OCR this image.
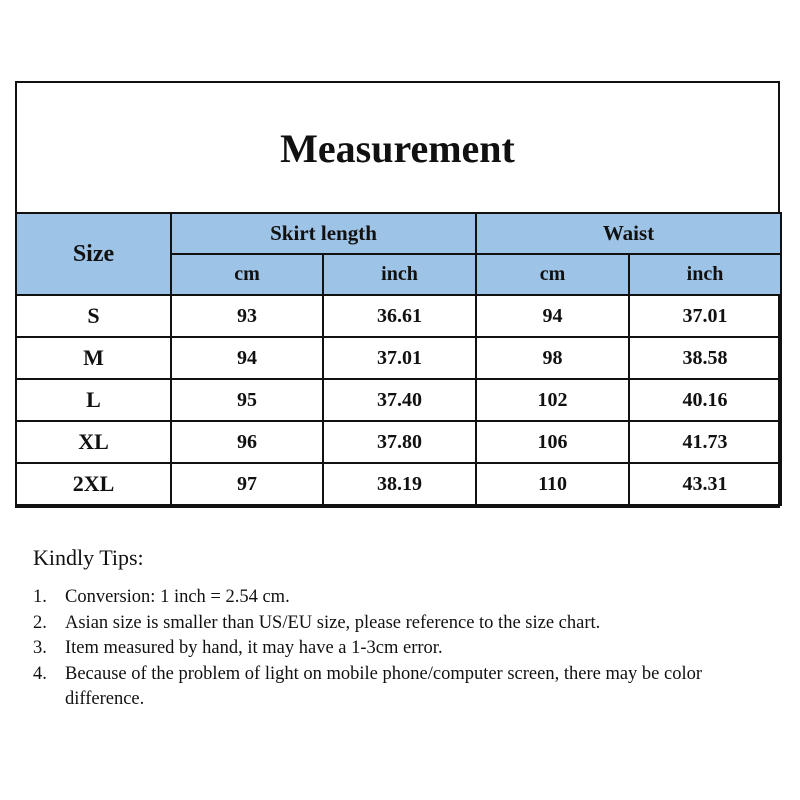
Measurement
Size	Skirt length		Waist	
	cm	inch	cm	inch
S	93	36.61	94	37.01
M	94	37.01	98	38.58
L	95	37.40	102	40.16
XL	96	37.80	106	41.73
2XL	97	38.19	110	43.31
Kindly Tips:
1. Conversion: 1 inch = 2.54 cm.
2. Asian size is smaller than US/EU size, please reference to the size chart.
3. Item measured by hand, it may have a 1-3cm error.
4. Because of the problem of light on mobile phone/computer screen, there may be color difference.
